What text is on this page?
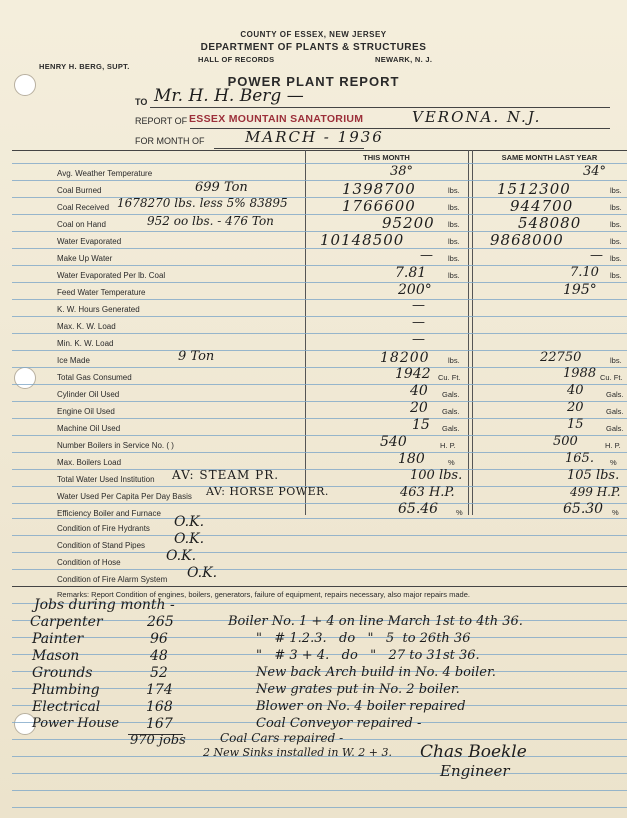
COUNTY OF ESSEX, NEW JERSEY
DEPARTMENT OF PLANTS & STRUCTURES
HALL OF RECORDS	NEWARK, N. J.
HENRY H. BERG, SUPT.
POWER PLANT REPORT
TO Mr. H. H. Berg —
REPORT OF ESSEX MOUNTAIN SANATORIUM	VERONA. N.J.
FOR MONTH OF	MARCH - 1936
THIS MONTH	SAME MONTH LAST YEAR
Avg. Weather Temperature	38°	34°
Coal Burned	699 Ton	1398700	lbs. 1512300	lbs.
Coal Received 1678270 lbs. less 5% 83895	1766600	lbs.	944700	lbs.
Coal on Hand	952 oo lbs. - 476 Ton	95200 lbs.	548080	lbs.
Water Evaporated	10148500	lbs. 9868000	lbs.
Make Up Water	— lbs.	— lbs.
Water Evaporated Per lb. Coal	7.81	lbs.	7.10 lbs.
Feed Water Temperature	200°	195°
K. W. Hours Generated	—
Max. K. W. Load	—
Min. K. W. Load	—
Ice Made	9 Ton	18200 lbs.	22750	lbs.
Total Gas Consumed	1942 Cu. Ft.	1988 Cu. Ft.
Cylinder Oil Used	40 Gals.	40	Gals.
Engine Oil Used	20 Gals.	20	Gals.
Machine Oil Used	15 Gals.	15	Gals.
Number Boilers in Service No. ( )	540	H. P.	500	H. P.
Max. Boilers Load	180	%	165. %
Total Water Used Institution AV: STEAM PR.	100 lbs.	105 lbs.
Water Used Per Capita Per Day Basis AV: HORSE POWER.	463 H.P.	499 H.P.
Efficiency Boiler and Furnace	65.46 %	65.30 %
Condition of Fire Hydrants O.K.
Condition of Stand Pipes O.K.
Condition of Hose	O.K.
Condition of Fire Alarm System O.K.
Remarks: Report Condition of engines, boilers, generators, failure of equipment, repairs necessary, also major repairs made.
Jobs during month -
Carpenter	265	Boiler No. 1 + 4 on line March 1st to 4th 36.
Painter	96	"   # 1.2.3.   do   "   5  to 26th 36
Mason	48	"   # 3 + 4.   do   "   27 to 31st 36.
Grounds	52	New back Arch build in No. 4 boiler.
Plumbing	174	New grates put in No. 2 boiler.
Electrical	168	Blower on No. 4 boiler repaired
Power House 167	Coal Conveyor repaired -
970 jobs	Coal Cars repaired -
2 New Sinks installed in W. 2 + 3. Chas Boekle
Engineer
